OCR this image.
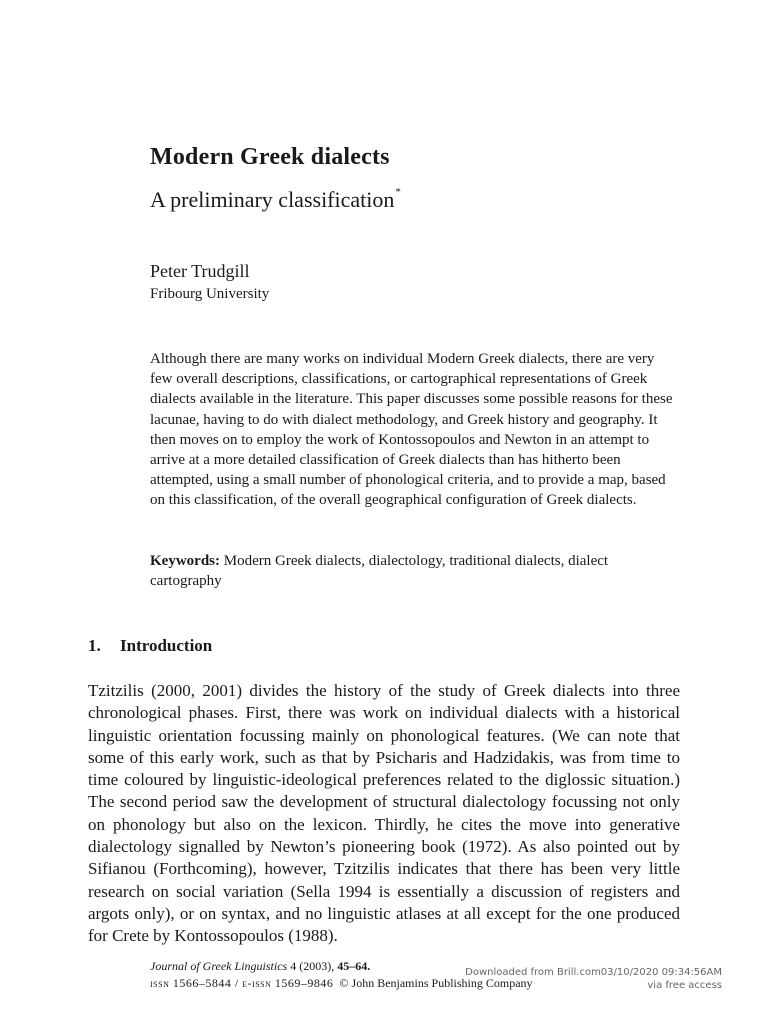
Modern Greek dialects
A preliminary classification*
Peter Trudgill
Fribourg University

Although there are many works on individual Modern Greek dialects, there are very few overall descriptions, classifications, or cartographical representations of Greek dialects available in the literature. This paper discusses some possible reasons for these lacunae, having to do with dialect methodology, and Greek history and geography. It then moves on to employ the work of Kontossopoulos and Newton in an attempt to arrive at a more detailed classification of Greek dialects than has hitherto been attempted, using a small number of phonological criteria, and to provide a map, based on this classification, of the overall geographical configuration of Greek dialects.

Keywords: Modern Greek dialects, dialectology, traditional dialects, dialect cartography

1. Introduction

Tzitzilis (2000, 2001) divides the history of the study of Greek dialects into three chronological phases. First, there was work on individual dialects with a historical linguistic orientation focussing mainly on phonological features. (We can note that some of this early work, such as that by Psicharis and Hadzidakis, was from time to time coloured by linguistic-ideological preferences related to the diglossic situation.) The second period saw the development of structural dialectology focussing not only on phonology but also on the lexicon. Thirdly, he cites the move into generative dialectology signalled by Newton’s pioneering book (1972). As also pointed out by Sifianou (Forthcoming), however, Tzitzilis indicates that there has been very little research on social variation (Sella 1994 is essentially a discussion of registers and argots only), or on syntax, and no linguistic atlases at all except for the one produced for Crete by Kontossopoulos (1988).

Journal of Greek Linguistics 4 (2003), 45–64.
issn 1566–5844 / e-issn 1569–9846 © John Benjamins Publishing Company
Downloaded from Brill.com03/10/2020 09:34:56AM
via free access
